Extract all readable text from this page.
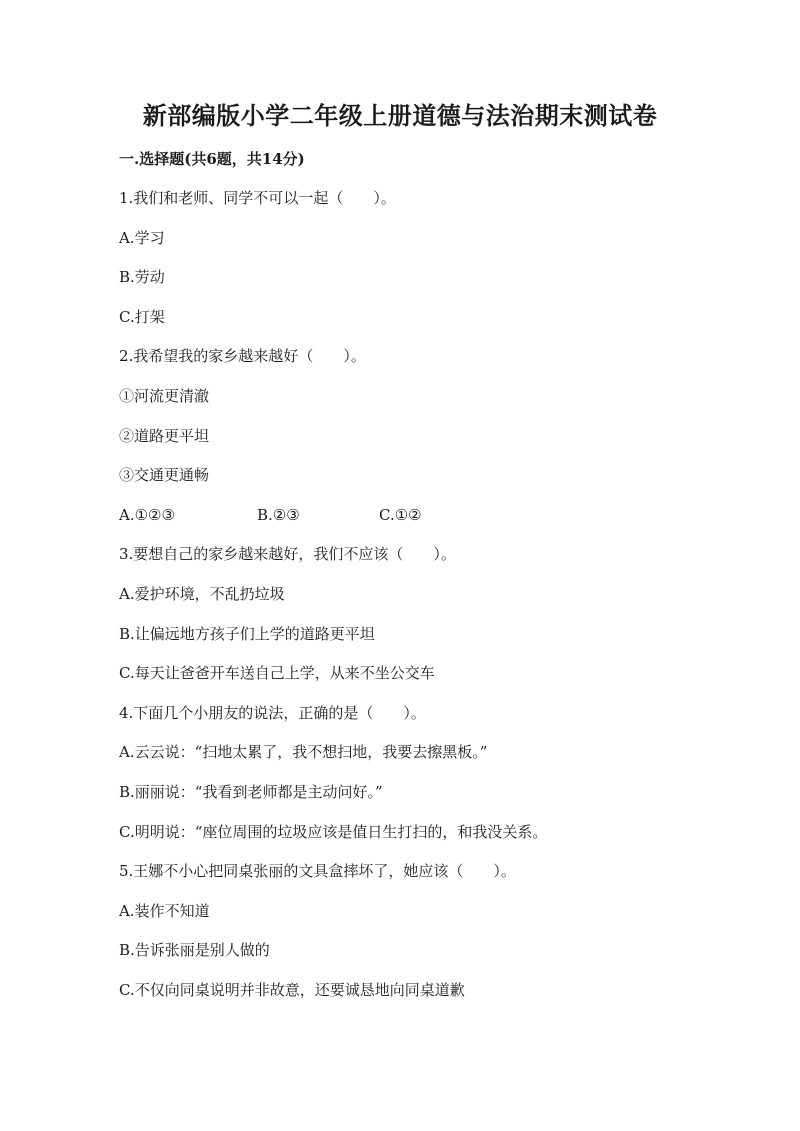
新部编版小学二年级上册道德与法治期末测试卷
一.选择题(共6题，共14分)
1.我们和老师、同学不可以一起（　　）。
A.学习
B.劳动
C.打架
2.我希望我的家乡越来越好（　　）。
①河流更清澈
②道路更平坦
③交通更通畅
A.①②③	B.②③	C.①②
3.要想自己的家乡越来越好，我们不应该（　　）。
A.爱护环境，不乱扔垃圾
B.让偏远地方孩子们上学的道路更平坦
C.每天让爸爸开车送自己上学，从来不坐公交车
4.下面几个小朋友的说法，正确的是（　　）。
A.云云说：“扫地太累了，我不想扫地，我要去擦黑板。”
B.丽丽说：“我看到老师都是主动问好。”
C.明明说：“座位周围的垃圾应该是值日生打扫的，和我没关系。
5.王娜不小心把同桌张丽的文具盒摔坏了，她应该（　　）。
A.装作不知道
B.告诉张丽是别人做的
C.不仅向同桌说明并非故意，还要诚恳地向同桌道歉
